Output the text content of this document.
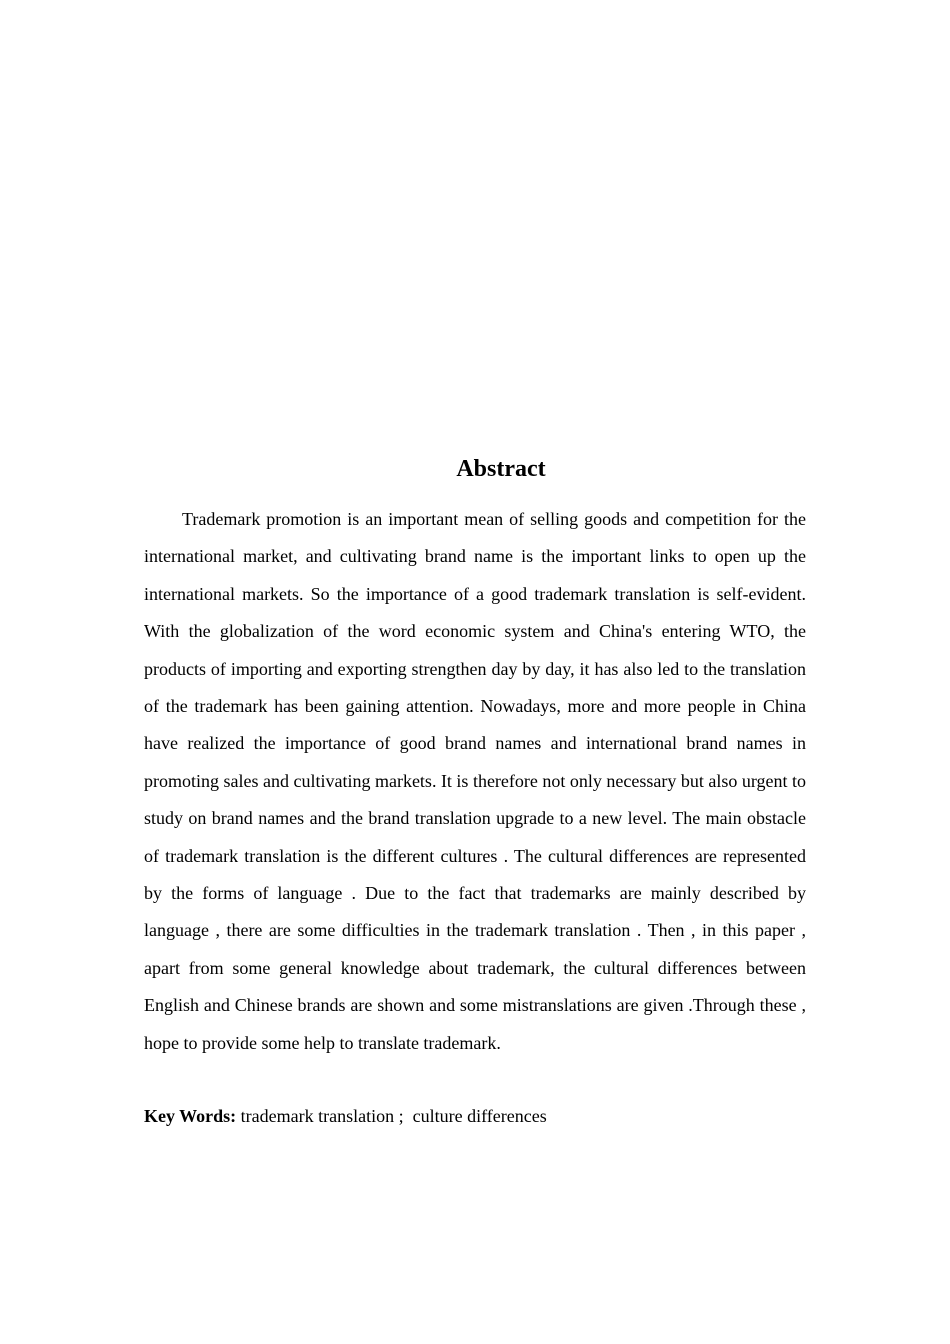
Abstract

Trademark promotion is an important mean of selling goods and competition for the international market, and cultivating brand name is the important links to open up the international markets. So the importance of a good trademark translation is self-evident. With the globalization of the word economic system and China's entering WTO, the products of importing and exporting strengthen day by day, it has also led to the translation of the trademark has been gaining attention. Nowadays, more and more people in China have realized the importance of good brand names and international brand names in promoting sales and cultivating markets. It is therefore not only necessary but also urgent to study on brand names and the brand translation upgrade to a new level. The main obstacle of trademark translation is the different cultures . The cultural differences are represented by the forms of language . Due to the fact that trademarks are mainly described by language , there are some difficulties in the trademark translation . Then , in this paper , apart from some general knowledge about trademark, the cultural differences between English and Chinese brands are shown and some mistranslations are given .Through these , hope to provide some help to translate trademark.

Key Words: trademark translation ;  culture differences
